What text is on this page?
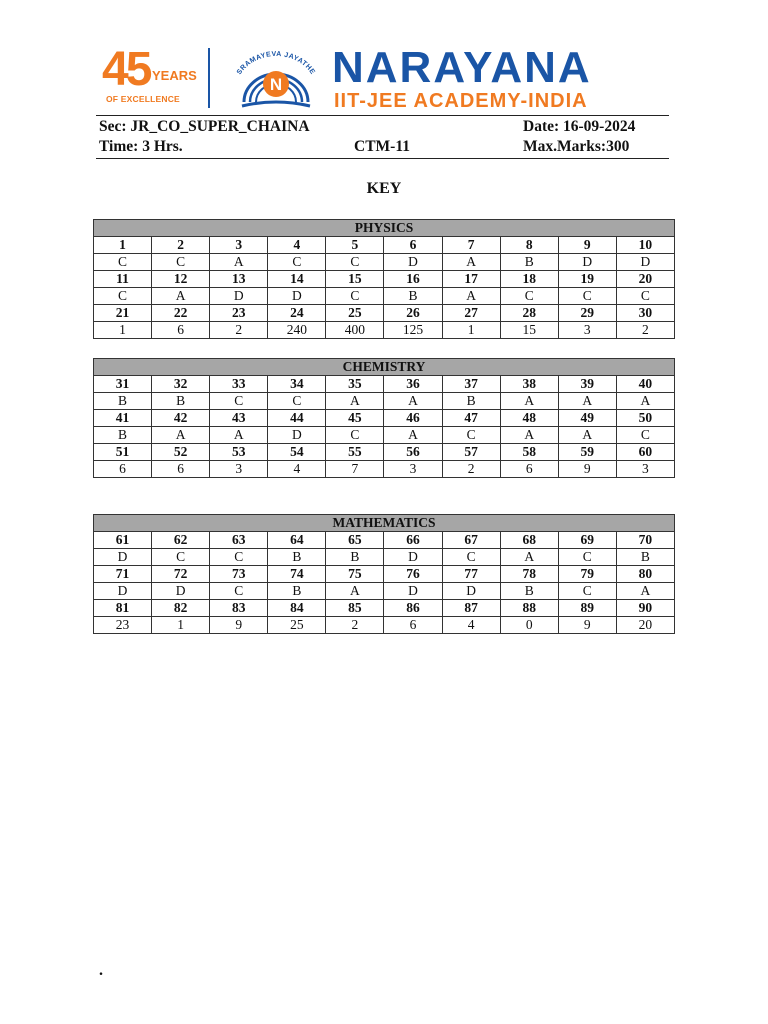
45 YEARS
OF EXCELLENCE
SRAMAYEVA JAYATHE
N NARAYANA
IIT-JEE ACADEMY-INDIA
Sec: JR_CO_SUPER_CHAINA	Date: 16-09-2024
Time: 3 Hrs.	CTM-11	Max.Marks:300
KEY
PHYSICS									
1	2	3	4	5	6	7	8	9	10
C	C	A	C	C	D	A	B	D	D
11	12	13	14	15	16	17	18	19	20
C	A	D	D	C	B	A	C	C	C
21	22	23	24	25	26	27	28	29	30
1	6	2	240	400	125	1	15	3	2
CHEMISTRY									
31	32	33	34	35	36	37	38	39	40
B	B	C	C	A	A	B	A	A	A
41	42	43	44	45	46	47	48	49	50
B	A	A	D	C	A	C	A	A	C
51	52	53	54	55	56	57	58	59	60
6	6	3	4	7	3	2	6	9	3
MATHEMATICS									
61	62	63	64	65	66	67	68	69	70
D	C	C	B	B	D	C	A	C	B
71	72	73	74	75	76	77	78	79	80
D	D	C	B	A	D	D	B	C	A
81	82	83	84	85	86	87	88	89	90
23	1	9	25	2	6	4	0	9	20
.
